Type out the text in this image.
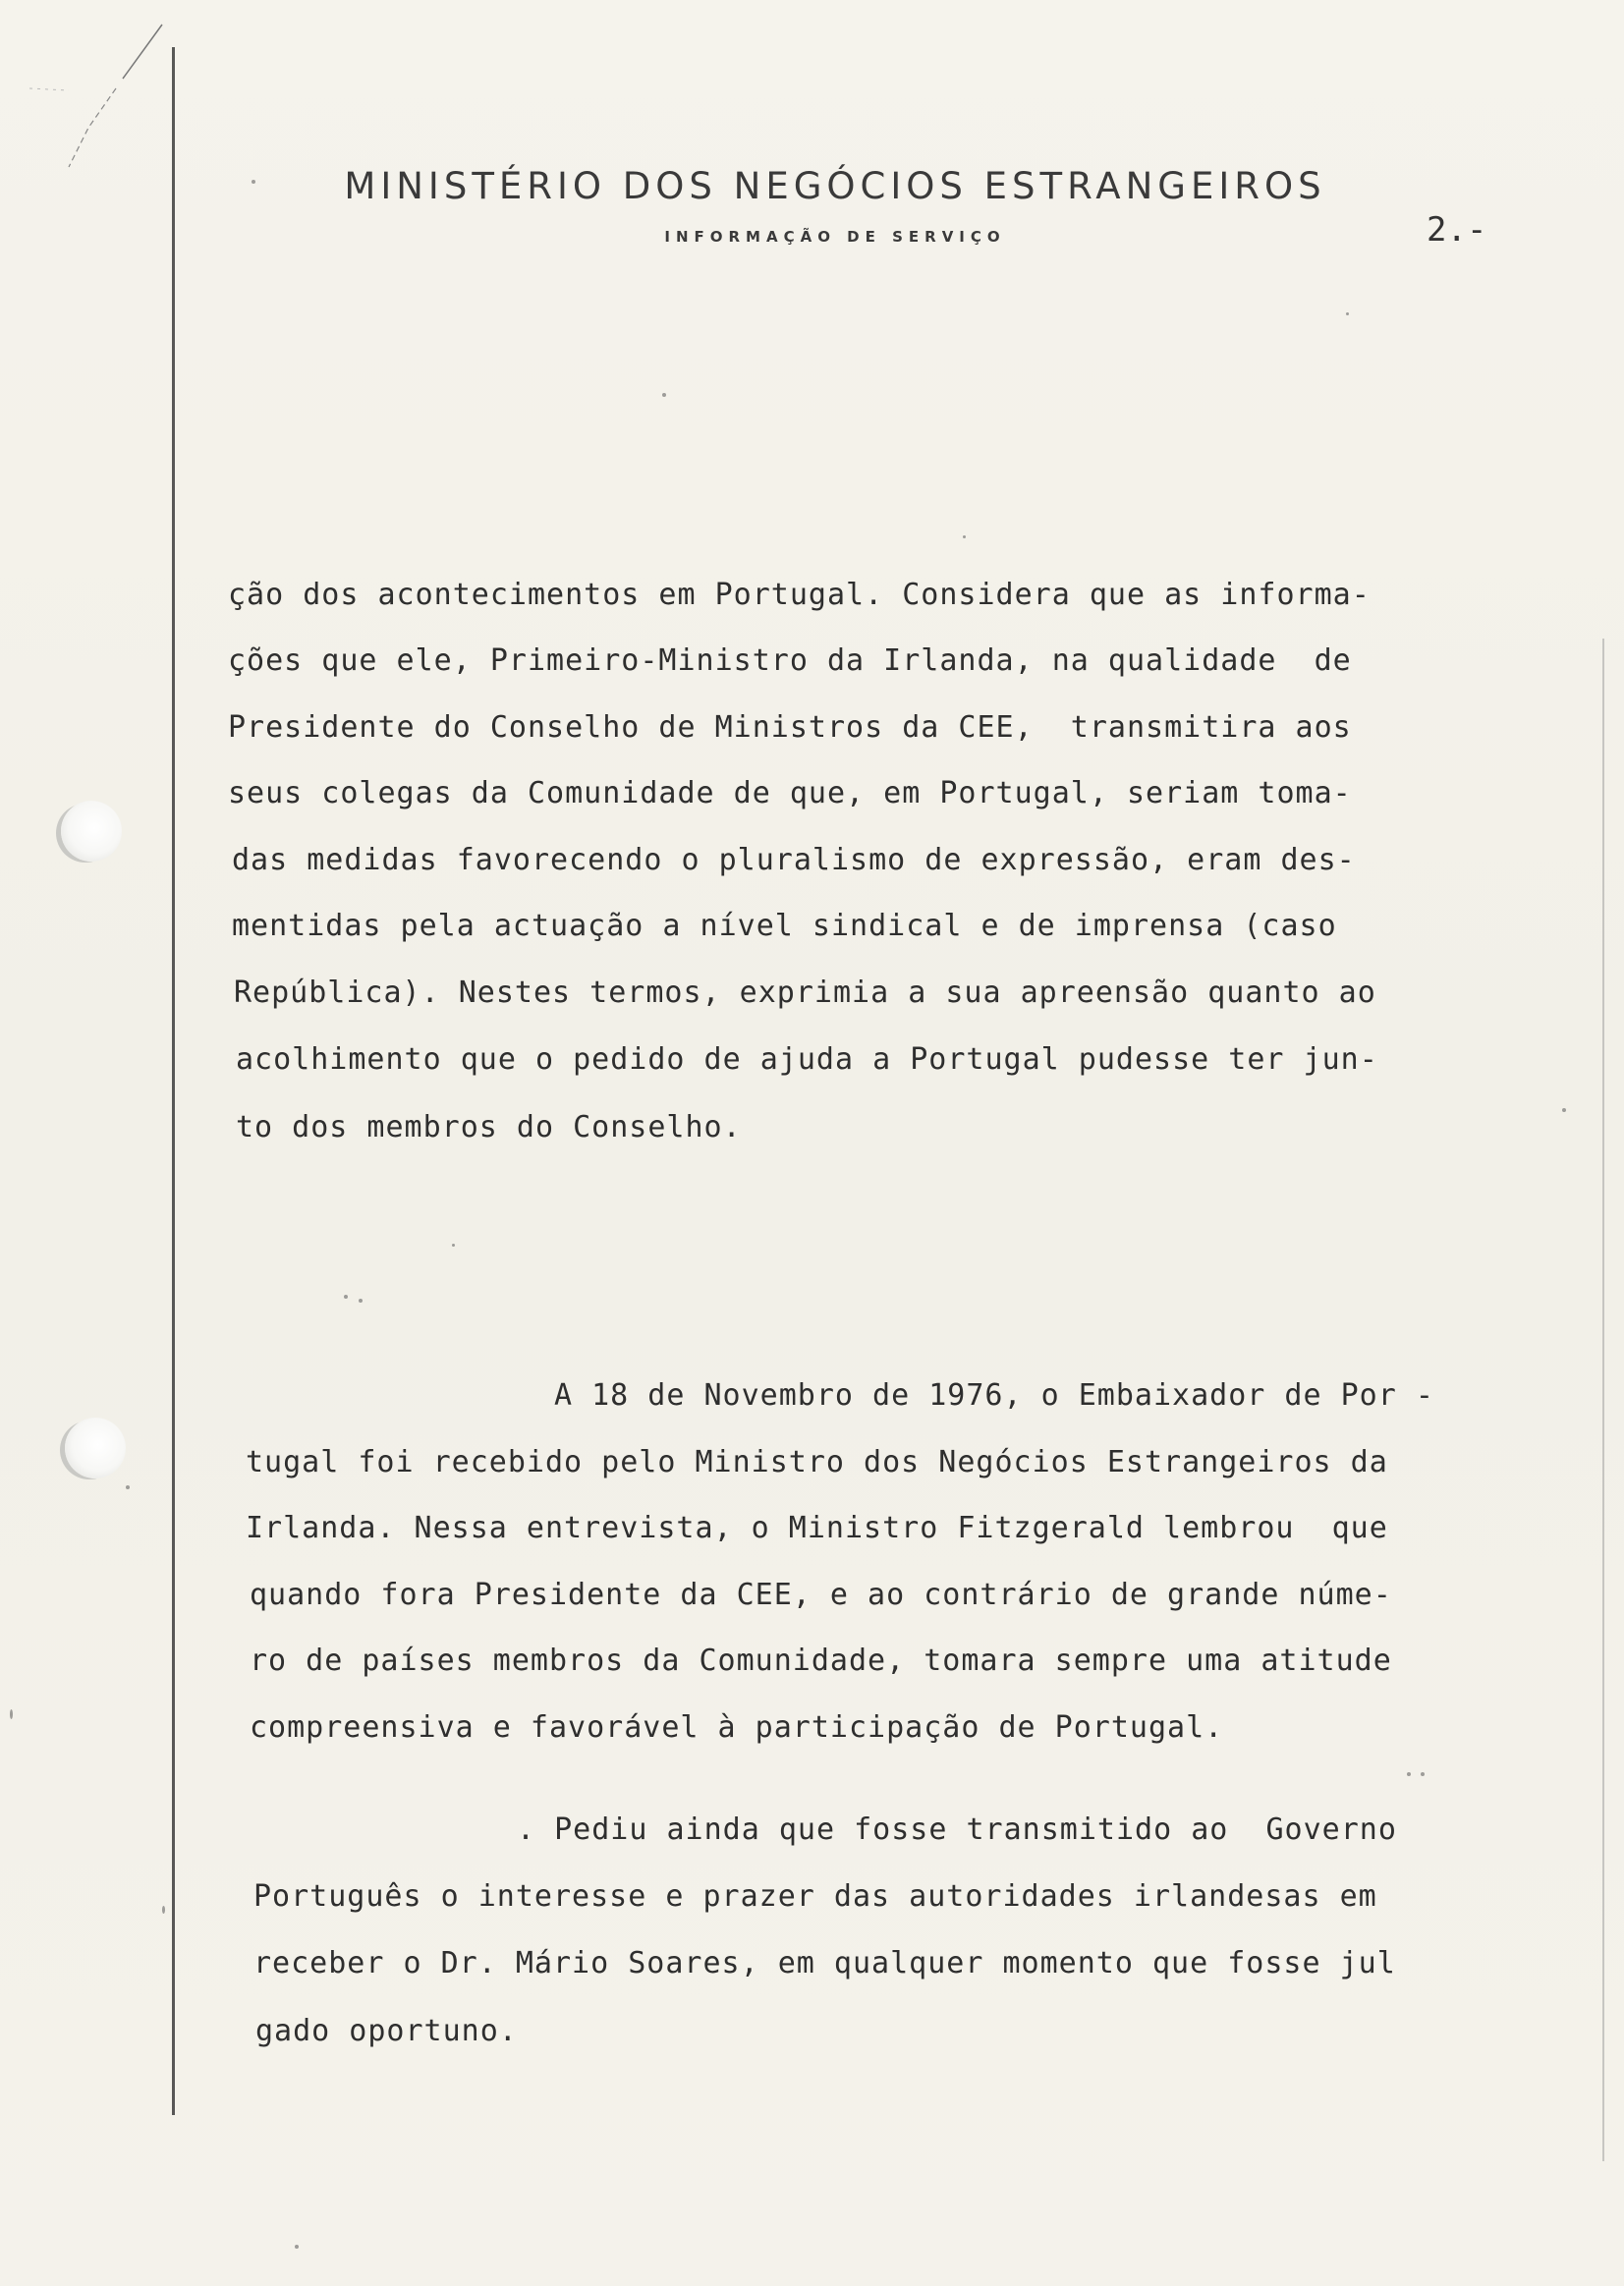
MINISTÉRIO DOS NEGÓCIOS ESTRANGEIROS
INFORMAÇÃO DE SERVIÇO	2.-
ção dos acontecimentos em Portugal. Considera que as informa-
ções que ele, Primeiro-Ministro da Irlanda, na qualidade  de
Presidente do Conselho de Ministros da CEE,  transmitira aos
seus colegas da Comunidade de que, em Portugal, seriam toma-
das medidas favorecendo o pluralismo de expressão, eram des-
mentidas pela actuação a nível sindical e de imprensa (caso
República). Nestes termos, exprimia a sua apreensão quanto ao
acolhimento que o pedido de ajuda a Portugal pudesse ter jun-
to dos membros do Conselho.
A 18 de Novembro de 1976, o Embaixador de Por -
tugal foi recebido pelo Ministro dos Negócios Estrangeiros da
Irlanda. Nessa entrevista, o Ministro Fitzgerald lembrou  que
quando fora Presidente da CEE, e ao contrário de grande núme-
ro de países membros da Comunidade, tomara sempre uma atitude
compreensiva e favorável à participação de Portugal.
. Pediu ainda que fosse transmitido ao  Governo
Português o interesse e prazer das autoridades irlandesas em
receber o Dr. Mário Soares, em qualquer momento que fosse jul
gado oportuno.
